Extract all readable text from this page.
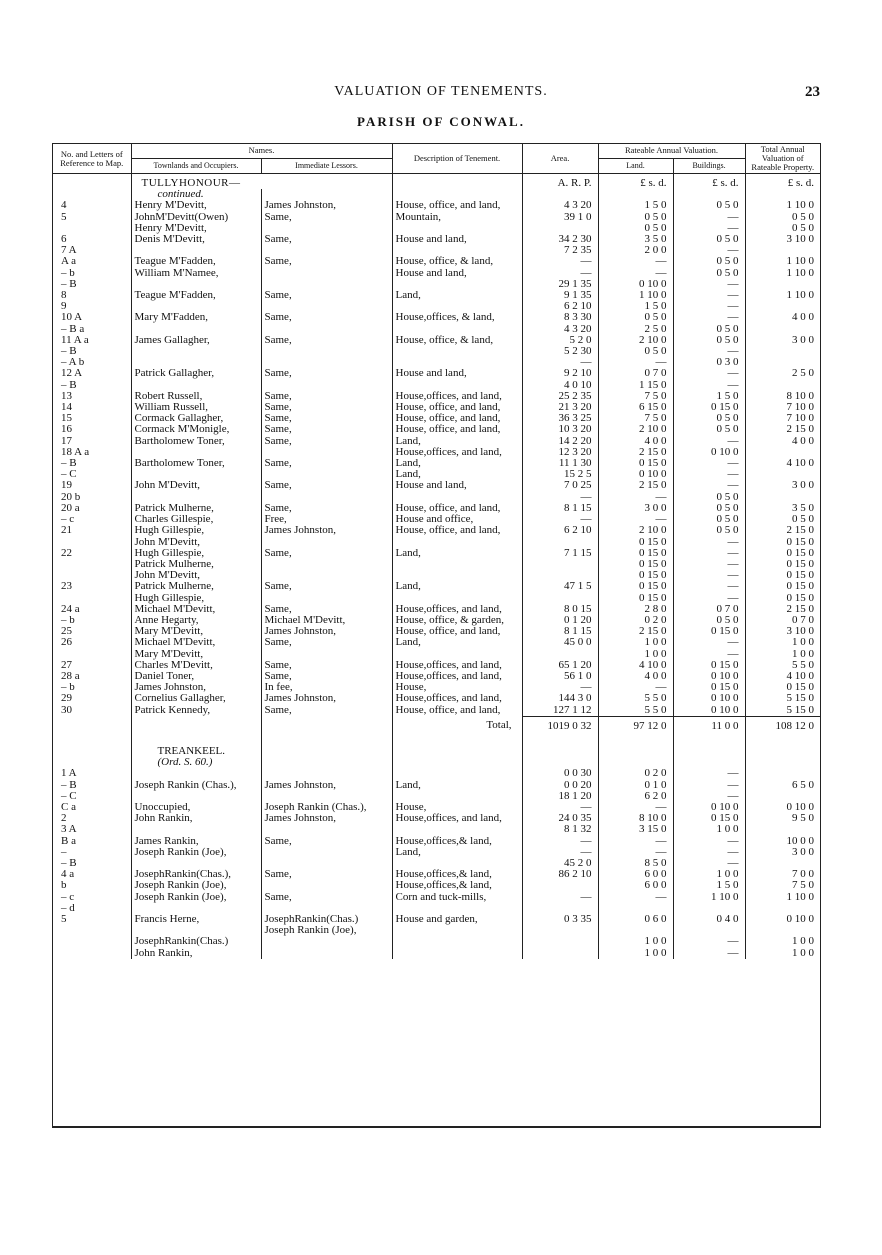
VALUATION OF TENEMENTS.	23
PARISH OF CONWAL.
No. and Letters of Reference to Map.	Names.		Description of Tenement.	Area.	Rateable Annual Valuation.		Total Annual Valuation of Rateable Property.
	Townlands and Occupiers.	Immediate Lessors.			Land.	Buildings.	
	TULLYHONOUR—			A. R. P.	£ s. d.	£ s. d.	£ s. d.
	continued.						
4	Henry M'Devitt,	James Johnston,	House, office, and land,	4 3 20	1 5 0	0 5 0	1 10 0
5	JohnM'Devitt(Owen)	Same,	Mountain,	39 1 0	0 5 0	—	0 5 0
	Henry M'Devitt,				0 5 0	—	0 5 0
6	Denis M'Devitt,	Same,	House and land,	34 2 30	3 5 0	0 5 0	3 10 0
7 A				7 2 35	2 0 0	—	
A a	Teague M'Fadden,	Same,	House, office, & land,	—	—	0 5 0	1 10 0
– b	William M'Namee,		House and land,	—	—	0 5 0	1 10 0
– B				29 1 35	0 10 0	—	
8	Teague M'Fadden,	Same,	Land,	9 1 35	1 10 0	—	1 10 0
9				6 2 10	1 5 0	—	
10 A	Mary M'Fadden,	Same,	House,offices, & land,	8 3 30	0 5 0	—	4 0 0
– B a				4 3 20	2 5 0	0 5 0	
11 A a	James Gallagher,	Same,	House, office, & land,	5 2 0	2 10 0	0 5 0	3 0 0
– B				5 2 30	0 5 0	—	
– A b				—	—	0 3 0	
12 A	Patrick Gallagher,	Same,	House and land,	9 2 10	0 7 0	—	2 5 0
– B				4 0 10	1 15 0	—	
13	Robert Russell,	Same,	House,offices, and land,	25 2 35	7 5 0	1 5 0	8 10 0
14	William Russell,	Same,	House, office, and land,	21 3 20	6 15 0	0 15 0	7 10 0
15	Cormack Gallagher,	Same,	House, office, and land,	36 3 25	7 5 0	0 5 0	7 10 0
16	Cormack M'Monigle,	Same,	House, office, and land,	10 3 20	2 10 0	0 5 0	2 15 0
17	Bartholomew Toner,	Same,	Land,	14 2 20	4 0 0	—	4 0 0
18 A a			House,offices, and land,	12 3 20	2 15 0	0 10 0	
– B	Bartholomew Toner,	Same,	Land,	11 1 30	0 15 0	—	4 10 0
– C			Land,	15 2 5	0 10 0	—	
19	John M'Devitt,	Same,	House and land,	7 0 25	2 15 0	—	3 0 0
20 b				—	—	0 5 0	
20 a	Patrick Mulherne,	Same,	House, office, and land,	8 1 15	3 0 0	0 5 0	3 5 0
– c	Charles Gillespie,	Free,	House and office,	—	—	0 5 0	0 5 0
21	Hugh Gillespie,	James Johnston,	House, office, and land,	6 2 10	2 10 0	0 5 0	2 15 0
	John M'Devitt,				0 15 0	—	0 15 0
22	Hugh Gillespie,	Same,	Land,	7 1 15	0 15 0	—	0 15 0
	Patrick Mulherne,				0 15 0	—	0 15 0
	John M'Devitt,				0 15 0	—	0 15 0
23	Patrick Mulherne,	Same,	Land,	47 1 5	0 15 0	—	0 15 0
	Hugh Gillespie,				0 15 0	—	0 15 0
24 a	Michael M'Devitt,	Same,	House,offices, and land,	8 0 15	2 8 0	0 7 0	2 15 0
– b	Anne Hegarty,	Michael M'Devitt,	House, office, & garden,	0 1 20	0 2 0	0 5 0	0 7 0
25	Mary M'Devitt,	James Johnston,	House, office, and land,	8 1 15	2 15 0	0 15 0	3 10 0
26	Michael M'Devitt,	Same,	Land,	45 0 0	1 0 0	—	1 0 0
	Mary M'Devitt,				1 0 0	—	1 0 0
27	Charles M'Devitt,	Same,	House,offices, and land,	65 1 20	4 10 0	0 15 0	5 5 0
28 a	Daniel Toner,	Same,	House,offices, and land,	56 1 0	4 0 0	0 10 0	4 10 0
– b	James Johnston,	In fee,	House,	—	—	0 15 0	0 15 0
29	Cornelius Gallagher,	James Johnston,	House,offices, and land,	144 3 0	5 5 0	0 10 0	5 15 0
30	Patrick Kennedy,	Same,	House, office, and land,	127 1 12	5 5 0	0 10 0	5 15 0
			Total,	1019 0 32	97 12 0	11 0 0	108 12 0

	TREANKEEL.						
	(Ord. S. 60.)						
1 A				0 0 30	0 2 0	—	
– B	Joseph Rankin (Chas.),	James Johnston,	Land,	0 0 20	0 1 0	—	6 5 0
– C				18 1 20	6 2 0	—	
C a	Unoccupied,	Joseph Rankin (Chas.),	House,	—	—	0 10 0	0 10 0
2	John Rankin,	James Johnston,	House,offices, and land,	24 0 35	8 10 0	0 15 0	9 5 0
3 A				8 1 32	3 15 0	1 0 0	
B a	James Rankin,	Same,	House,offices,& land,	—	—	—	10 0 0
–	Joseph Rankin (Joe),		Land,	—	—	—	3 0 0
– B				45 2 0	8 5 0	—	
4 a	JosephRankin(Chas.),	Same,	House,offices,& land,	86 2 10	6 0 0	1 0 0	7 0 0
b	Joseph Rankin (Joe),		House,offices,& land,		6 0 0	1 5 0	7 5 0
– c	Joseph Rankin (Joe),	Same,	Corn and tuck-mills,	—	—	1 10 0	1 10 0
– d							
5	Francis Herne,	JosephRankin(Chas.)	House and garden,	0 3 35	0 6 0	0 4 0	0 10 0
		Joseph Rankin (Joe),					
	JosephRankin(Chas.)				1 0 0	—	1 0 0
	John Rankin,				1 0 0	—	1 0 0
